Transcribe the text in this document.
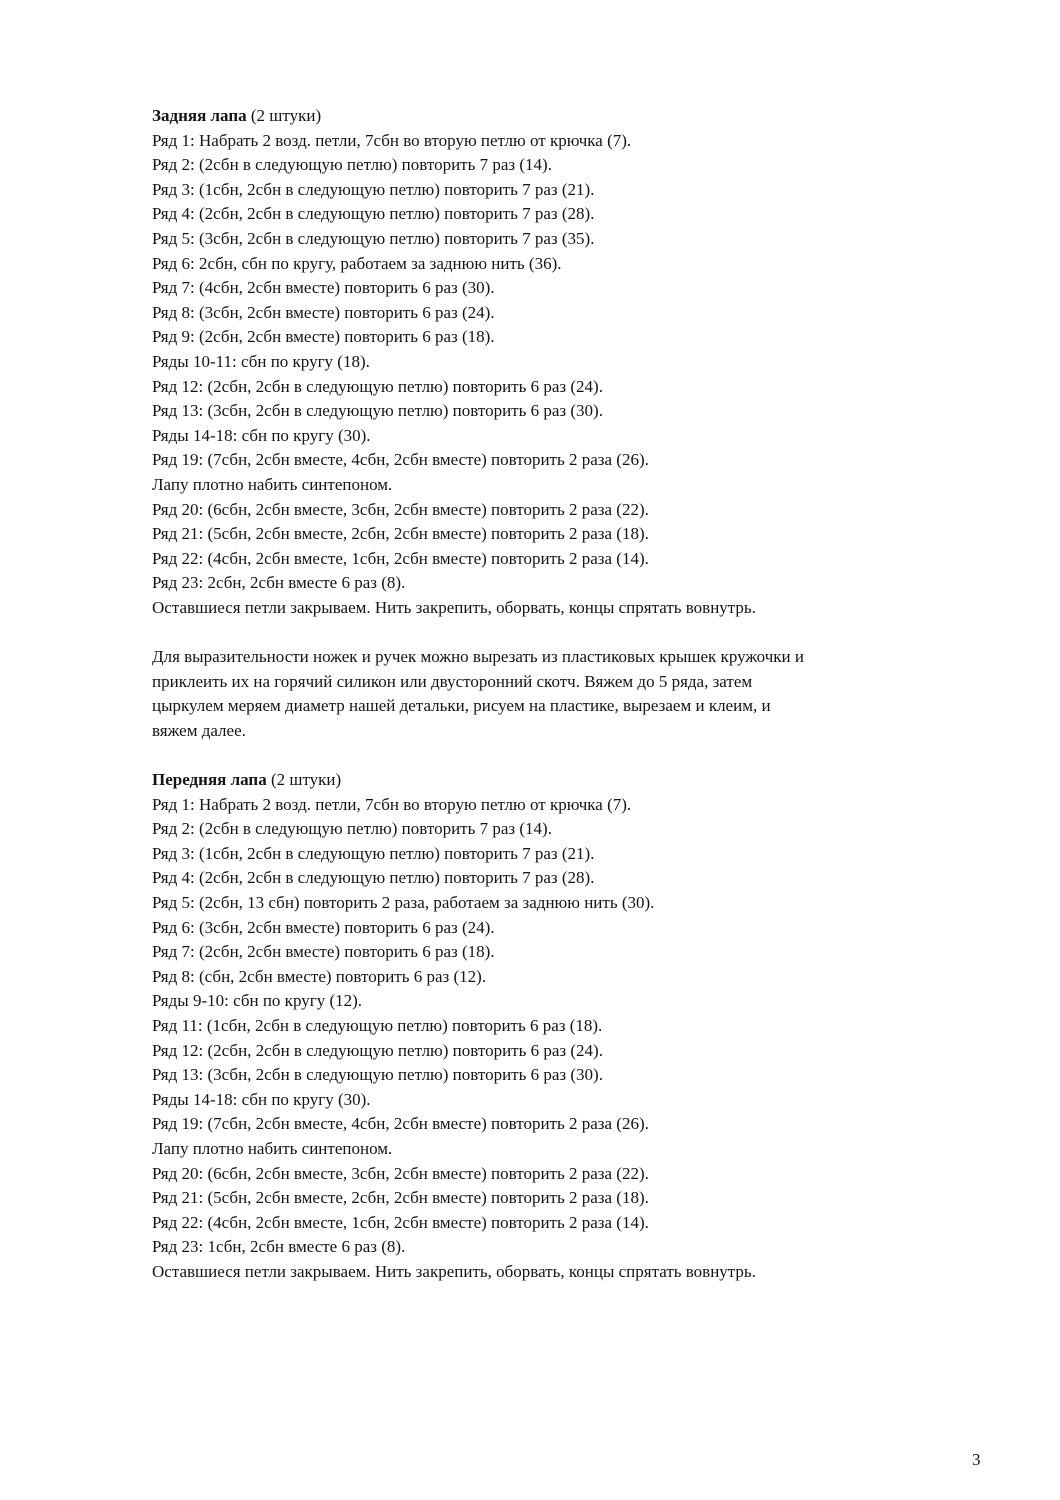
Задняя лапа (2 штуки)
Ряд 1: Набрать 2 возд. петли, 7сбн во вторую петлю от крючка (7).
Ряд 2: (2сбн в следующую петлю) повторить 7 раз (14).
Ряд 3: (1сбн, 2сбн в следующую петлю) повторить 7 раз (21).
Ряд 4: (2сбн, 2сбн в следующую петлю) повторить 7 раз (28).
Ряд 5: (3сбн, 2сбн в следующую петлю) повторить 7 раз (35).
Ряд 6: 2сбн, сбн по кругу, работаем за заднюю нить (36).
Ряд 7: (4сбн, 2сбн вместе) повторить 6 раз (30).
Ряд 8: (3сбн, 2сбн вместе) повторить 6 раз (24).
Ряд 9: (2сбн, 2сбн вместе) повторить 6 раз (18).
Ряды 10-11: сбн по кругу (18).
Ряд 12: (2сбн, 2сбн в следующую петлю) повторить 6 раз (24).
Ряд 13: (3сбн, 2сбн в следующую петлю) повторить 6 раз (30).
Ряды 14-18: сбн по кругу (30).
Ряд 19: (7сбн, 2сбн вместе, 4сбн, 2сбн вместе) повторить 2 раза (26).
Лапу плотно набить синтепоном.
Ряд 20: (6сбн, 2сбн вместе, 3сбн, 2сбн вместе) повторить 2 раза (22).
Ряд 21: (5сбн, 2сбн вместе, 2сбн, 2сбн вместе) повторить 2 раза (18).
Ряд 22: (4сбн, 2сбн вместе, 1сбн, 2сбн вместе) повторить 2 раза (14).
Ряд 23: 2сбн, 2сбн вместе 6 раз (8).
Оставшиеся петли закрываем. Нить закрепить, оборвать, концы спрятать вовнутрь.
Для выразительности ножек и ручек можно вырезать из пластиковых крышек кружочки и
приклеить их на горячий силикон или двусторонний скотч. Вяжем до 5 ряда, затем
цыркулем меряем диаметр нашей детальки, рисуем на пластике, вырезаем и клеим, и
вяжем далее.
Передняя лапа (2 штуки)
Ряд 1: Набрать 2 возд. петли, 7сбн во вторую петлю от крючка (7).
Ряд 2: (2сбн в следующую петлю) повторить 7 раз (14).
Ряд 3: (1сбн, 2сбн в следующую петлю) повторить 7 раз (21).
Ряд 4: (2сбн, 2сбн в следующую петлю) повторить 7 раз (28).
Ряд 5: (2сбн, 13 сбн) повторить 2 раза, работаем за заднюю нить (30).
Ряд 6: (3сбн, 2сбн вместе) повторить 6 раз (24).
Ряд 7: (2сбн, 2сбн вместе) повторить 6 раз (18).
Ряд 8: (сбн, 2сбн вместе) повторить 6 раз (12).
Ряды 9-10: сбн по кругу (12).
Ряд 11: (1сбн, 2сбн в следующую петлю) повторить 6 раз (18).
Ряд 12: (2сбн, 2сбн в следующую петлю) повторить 6 раз (24).
Ряд 13: (3сбн, 2сбн в следующую петлю) повторить 6 раз (30).
Ряды 14-18: сбн по кругу (30).
Ряд 19: (7сбн, 2сбн вместе, 4сбн, 2сбн вместе) повторить 2 раза (26).
Лапу плотно набить синтепоном.
Ряд 20: (6сбн, 2сбн вместе, 3сбн, 2сбн вместе) повторить 2 раза (22).
Ряд 21: (5сбн, 2сбн вместе, 2сбн, 2сбн вместе) повторить 2 раза (18).
Ряд 22: (4сбн, 2сбн вместе, 1сбн, 2сбн вместе) повторить 2 раза (14).
Ряд 23: 1сбн, 2сбн вместе 6 раз (8).
Оставшиеся петли закрываем. Нить закрепить, оборвать, концы спрятать вовнутрь.
3
